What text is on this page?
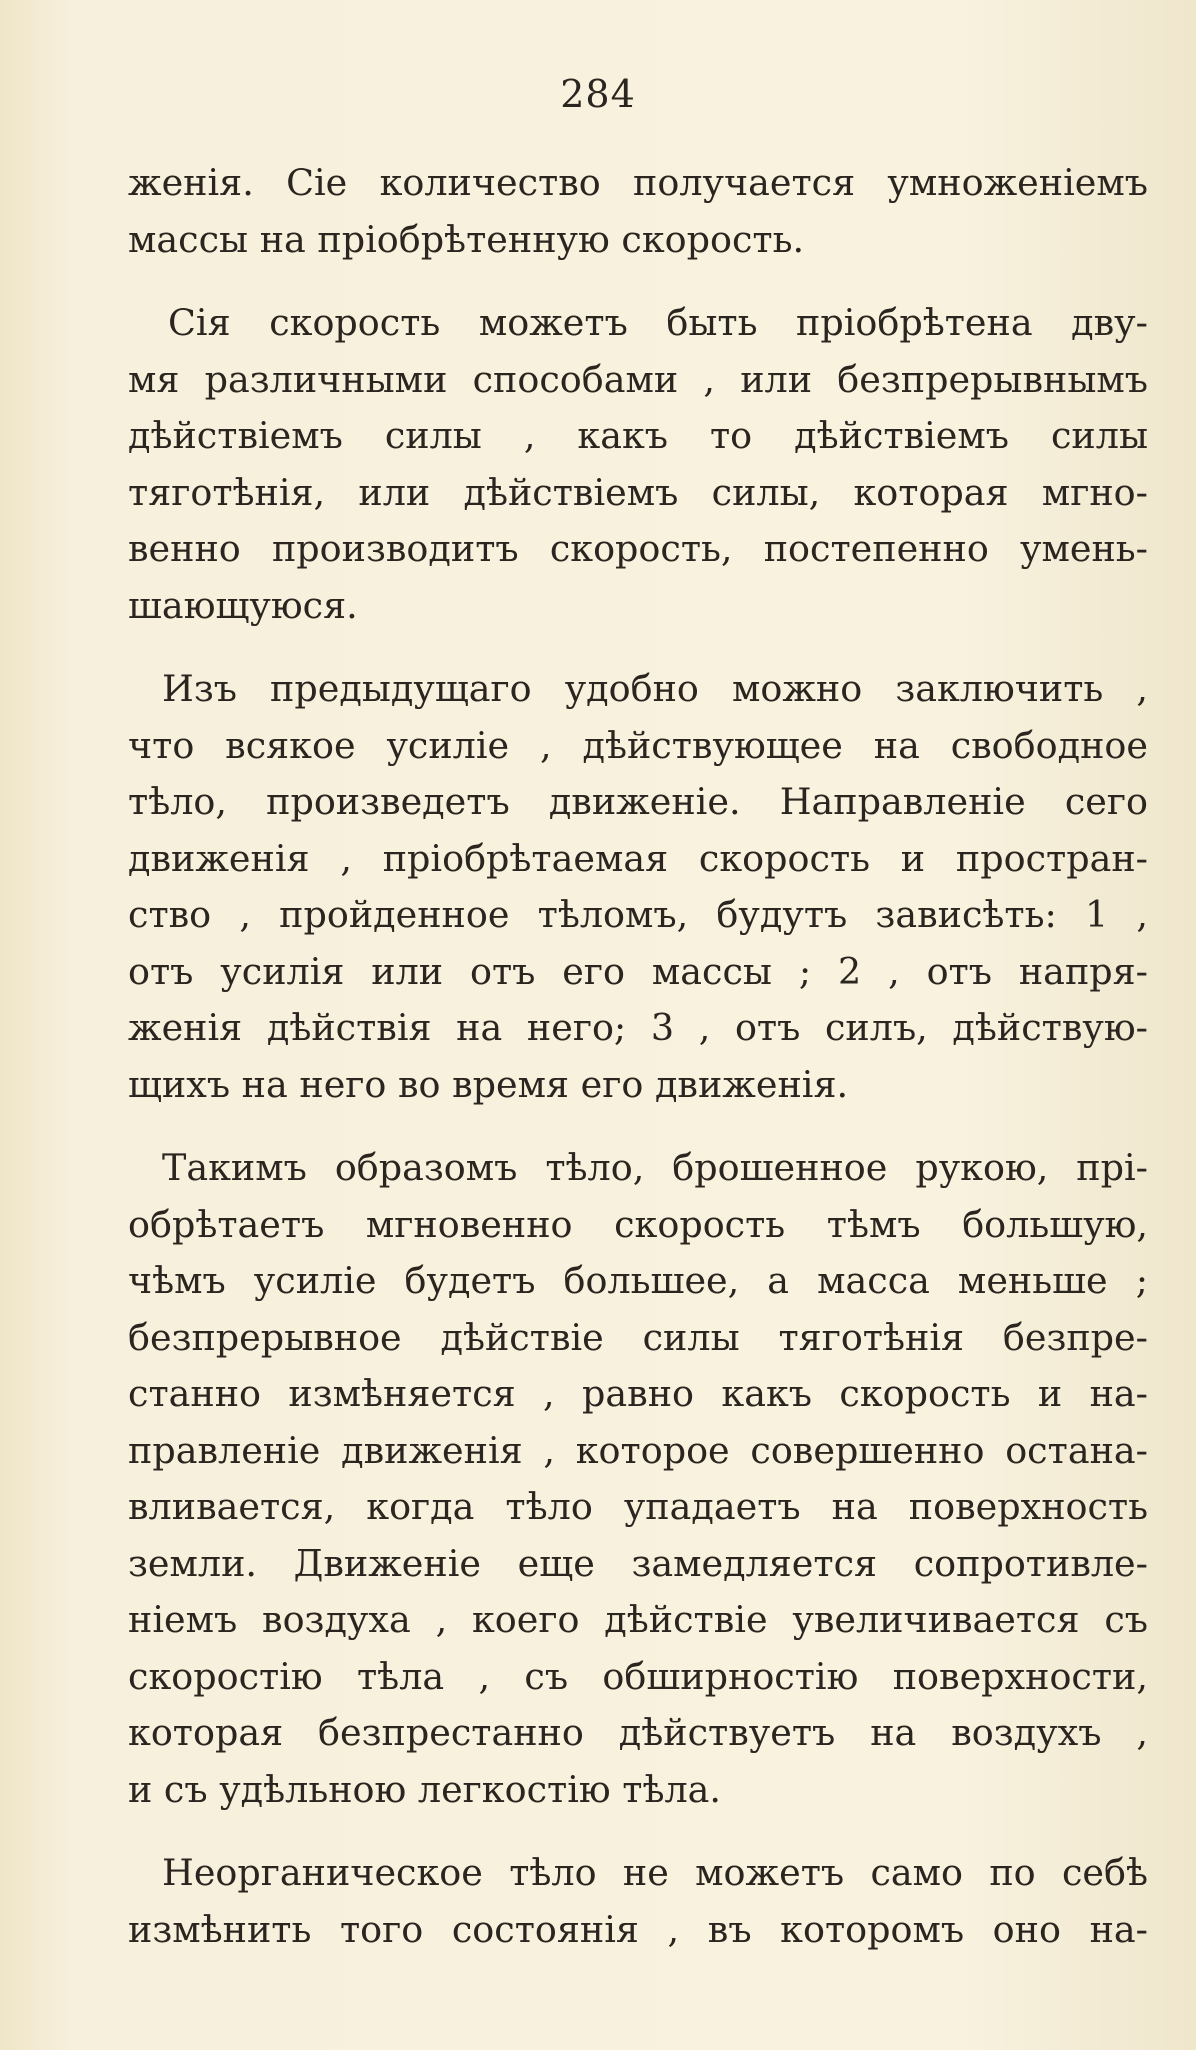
284
женія. Сіе количество получается умноженіемъ
массы на пріобрѣтенную скорость.
Сія скорость можетъ быть пріобрѣтена дву-
мя различными способами , или безпрерывнымъ
дѣйствіемъ силы , какъ то дѣйствіемъ силы
тяготѣнія, или дѣйствіемъ силы, которая мгно-
венно производитъ скорость, постепенно умень-
шающуюся.
Изъ предыдущаго удобно можно заключить ,
что всякое усиліе , дѣйствующее на свободное
тѣло, произведетъ движеніе. Направленіе сего
движенія , пріобрѣтаемая скорость и простран-
ство , пройденное тѣломъ, будутъ зависѣть: 1 ,
отъ усилія или отъ его массы ; 2 , отъ напря-
женія дѣйствія на него; 3 , отъ силъ, дѣйствую-
щихъ на него во время его движенія.
Такимъ образомъ тѣло, брошенное рукою, прі-
обрѣтаетъ мгновенно скорость тѣмъ большую,
чѣмъ усиліе будетъ большее, а масса меньше ;
безпрерывное дѣйствіе силы тяготѣнія безпре-
станно измѣняется , равно какъ скорость и на-
правленіе движенія , которое совершенно остана-
вливается, когда тѣло упадаетъ на поверхность
земли. Движеніе еще замедляется сопротивле-
ніемъ воздуха , коего дѣйствіе увеличивается съ
скоростію тѣла , съ обширностію поверхности,
которая безпрестанно дѣйствуетъ на воздухъ ,
и съ удѣльною легкостію тѣла.
Неорганическое тѣло не можетъ само по себѣ
измѣнить того состоянія , въ которомъ оно на-
